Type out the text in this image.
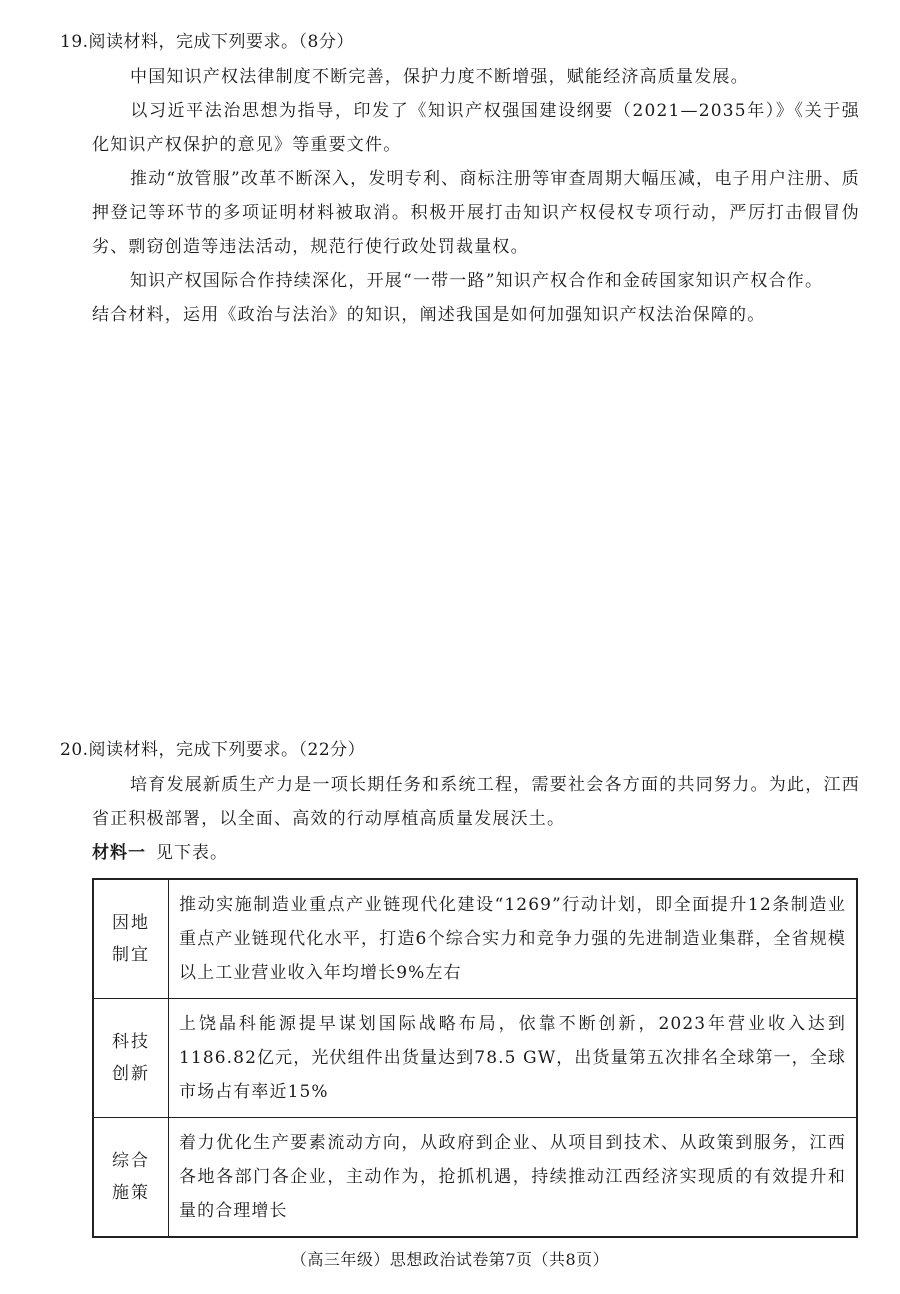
19.阅读材料，完成下列要求。（8分）
中国知识产权法律制度不断完善，保护力度不断增强，赋能经济高质量发展。
以习近平法治思想为指导，印发了《知识产权强国建设纲要（2021—2035年）》《关于强化知识产权保护的意见》等重要文件。
推动“放管服”改革不断深入，发明专利、商标注册等审查周期大幅压减，电子用户注册、质押登记等环节的多项证明材料被取消。积极开展打击知识产权侵权专项行动，严厉打击假冒伪劣、剽窃创造等违法活动，规范行使行政处罚裁量权。
知识产权国际合作持续深化，开展“一带一路”知识产权合作和金砖国家知识产权合作。
结合材料，运用《政治与法治》的知识，阐述我国是如何加强知识产权法治保障的。
20.阅读材料，完成下列要求。（22分）
培育发展新质生产力是一项长期任务和系统工程，需要社会各方面的共同努力。为此，江西省正积极部署，以全面、高效的行动厚植高质量发展沃土。
材料一 见下表。
因地
制宜	推动实施制造业重点产业链现代化建设“1269”行动计划，即全面提升12条制造业重点产业链现代化水平，打造6个综合实力和竞争力强的先进制造业集群，全省规模以上工业营业收入年均增长9%左右

科技
创新	上饶晶科能源提早谋划国际战略布局，依靠不断创新，2023年营业收入达到1186.82亿元，光伏组件出货量达到78.5 GW，出货量第五次排名全球第一，全球市场占有率近15%

综合
施策	着力优化生产要素流动方向，从政府到企业、从项目到技术、从政策到服务，江西各地各部门各企业，主动作为，抢抓机遇，持续推动江西经济实现质的有效提升和量的合理增长
（高三年级）思想政治试卷第7页（共8页）
